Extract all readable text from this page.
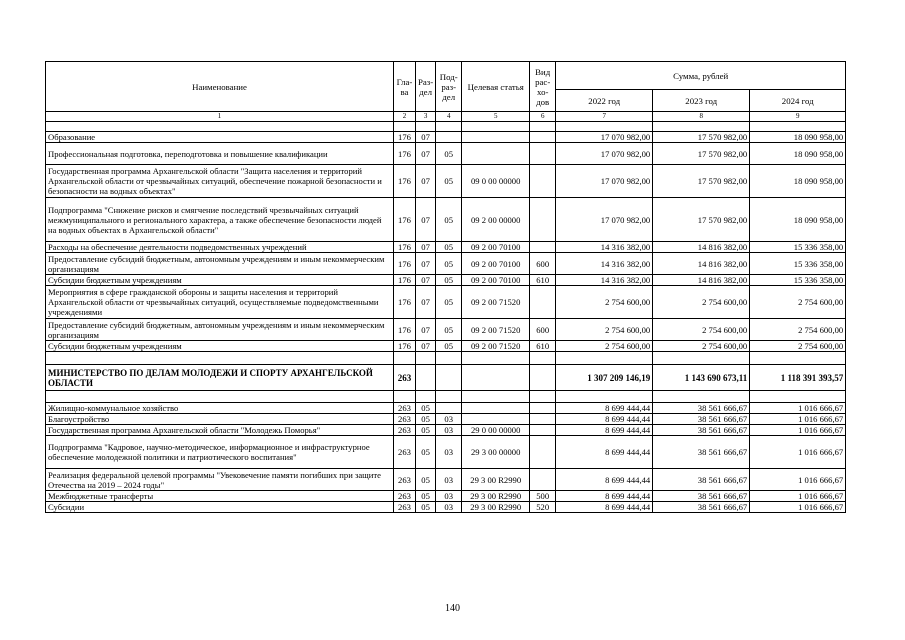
Наименование	Гла-ва	Раз-дел	Под-раз-дел	Целевая статья	Вид рас-хо-дов	Сумма, рублей		
						2022 год	2023 год	2024 год
1	2	3	4	5	6	7	8	9

Образование	176	07				17 070 982,00	17 570 982,00	18 090 958,00
Профессиональная подготовка, переподготовка и повышение квалификации	176	07	05			17 070 982,00	17 570 982,00	18 090 958,00
Государственная программа Архангельской области "Защита населения и территорий Архангельской области от чрезвычайных ситуаций, обеспечение пожарной безопасности и безопасности на водных объектах"	176	07	05	09 0 00 00000		17 070 982,00	17 570 982,00	18 090 958,00
Подпрограмма "Снижение рисков и смягчение последствий чрезвычайных ситуаций межмуниципального и регионального характера, а также обеспечение безопасности людей на водных объектах в Архангельской области"	176	07	05	09 2 00 00000		17 070 982,00	17 570 982,00	18 090 958,00
Расходы на обеспечение деятельности подведомственных учреждений	176	07	05	09 2 00 70100		14 316 382,00	14 816 382,00	15 336 358,00
Предоставление субсидий бюджетным, автономным учреждениям и иным некоммерческим организациям	176	07	05	09 2 00 70100	600	14 316 382,00	14 816 382,00	15 336 358,00
Субсидии бюджетным учреждениям	176	07	05	09 2 00 70100	610	14 316 382,00	14 816 382,00	15 336 358,00
Мероприятия в сфере гражданской обороны и защиты населения и территорий Архангельской области от чрезвычайных ситуаций, осуществляемые подведомственными учреждениями	176	07	05	09 2 00 71520		2 754 600,00	2 754 600,00	2 754 600,00
Предоставление субсидий бюджетным, автономным учреждениям и иным некоммерческим организациям	176	07	05	09 2 00 71520	600	2 754 600,00	2 754 600,00	2 754 600,00
Субсидии бюджетным учреждениям	176	07	05	09 2 00 71520	610	2 754 600,00	2 754 600,00	2 754 600,00

МИНИСТЕРСТВО ПО ДЕЛАМ МОЛОДЕЖИ И СПОРТУ АРХАНГЕЛЬСКОЙ ОБЛАСТИ	263					1 307 209 146,19	1 143 690 673,11	1 118 391 393,57

Жилищно-коммунальное хозяйство	263	05				8 699 444,44	38 561 666,67	1 016 666,67
Благоустройство	263	05	03			8 699 444,44	38 561 666,67	1 016 666,67
Государственная программа Архангельской области "Молодежь Поморья"	263	05	03	29 0 00 00000		8 699 444,44	38 561 666,67	1 016 666,67
Подпрограмма "Кадровое, научно-методическое, информационное и инфраструктурное обеспечение молодежной политики и патриотического воспитания"	263	05	03	29 3 00 00000		8 699 444,44	38 561 666,67	1 016 666,67
Реализация федеральной целевой программы "Увековечение памяти погибших при защите Отечества на 2019 – 2024 годы"	263	05	03	29 3 00 R2990		8 699 444,44	38 561 666,67	1 016 666,67
Межбюджетные трансферты	263	05	03	29 3 00 R2990	500	8 699 444,44	38 561 666,67	1 016 666,67
Субсидии	263	05	03	29 3 00 R2990	520	8 699 444,44	38 561 666,67	1 016 666,67
140
